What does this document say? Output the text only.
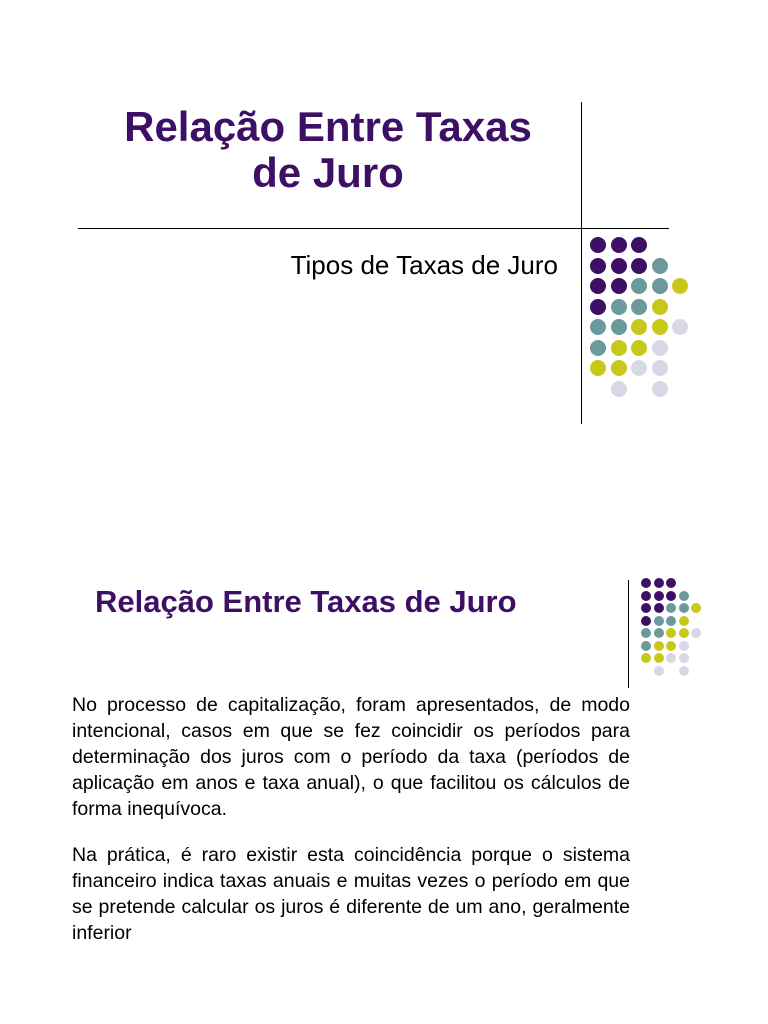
Relação Entre Taxas
de Juro
Tipos de Taxas de Juro
Relação Entre Taxas de Juro

No processo de capitalização, foram apresentados, de modo intencional, casos em que se fez coincidir os períodos para determinação dos juros com o período da taxa (períodos de aplicação em anos e taxa anual), o que facilitou os cálculos de forma inequívoca.

Na prática, é raro existir esta coincidência porque o sistema financeiro indica taxas anuais e muitas vezes o período em que se pretende calcular os juros é diferente de um ano, geralmente inferior
